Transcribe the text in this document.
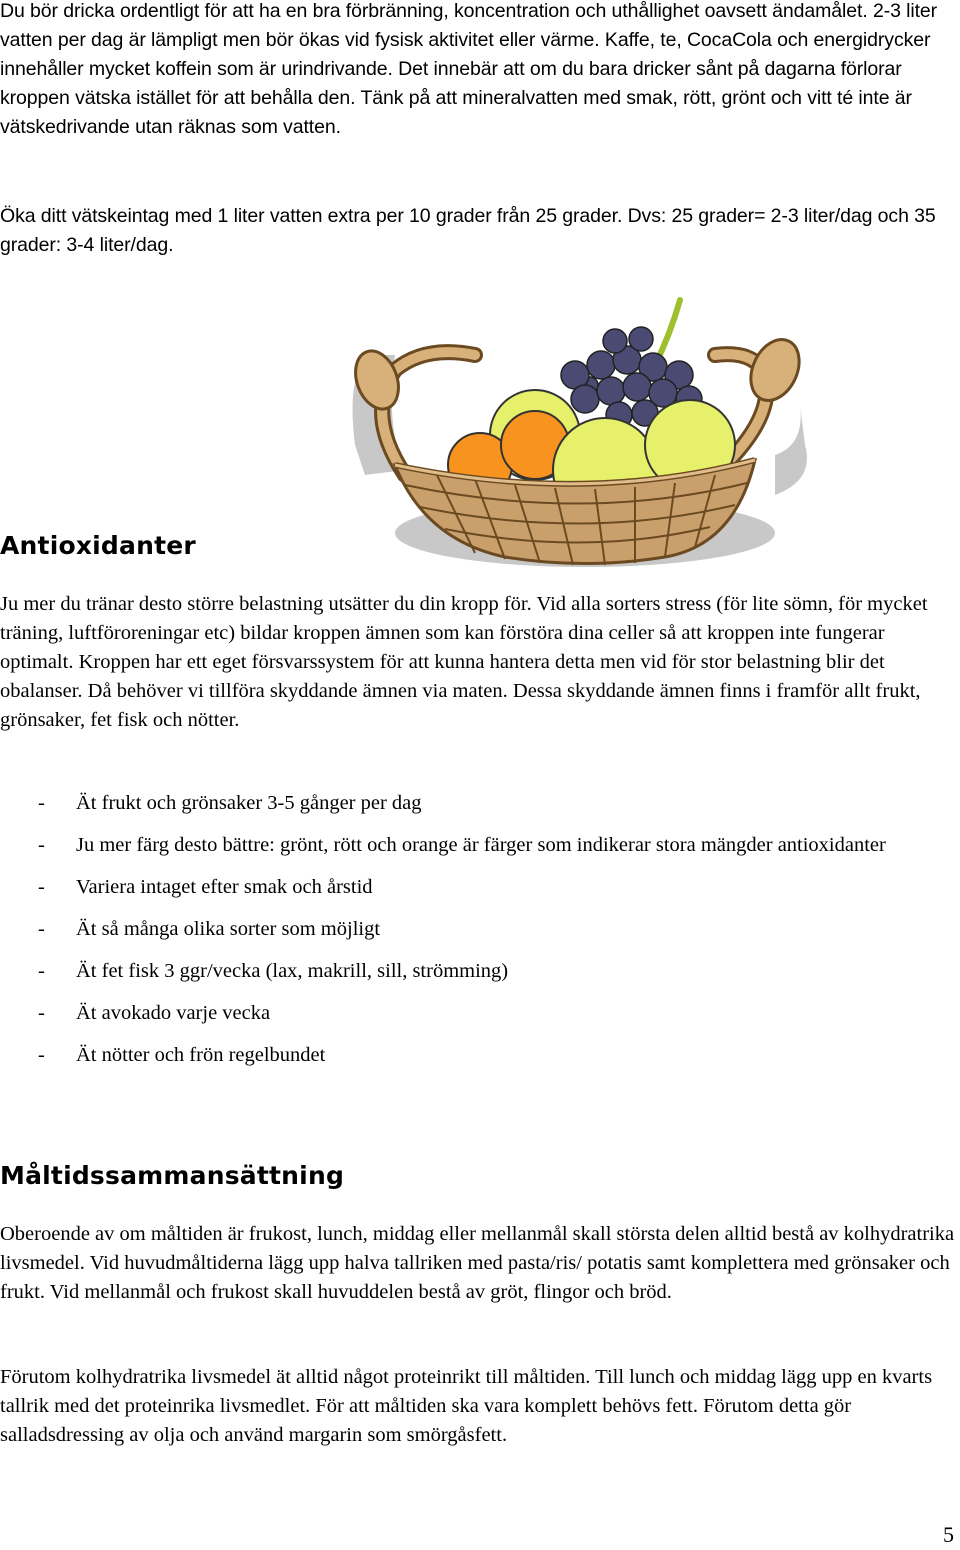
Du bör dricka ordentligt för att ha en bra förbränning, koncentration och uthållighet oavsett ändamålet. 2-3 liter vatten per dag är lämpligt men bör ökas vid fysisk aktivitet eller värme. Kaffe, te, CocaCola och energidrycker innehåller mycket koffein som är urindrivande. Det innebär att om du bara dricker sånt på dagarna förlorar kroppen vätska istället för att behålla den. Tänk på att mineralvatten med smak, rött, grönt och vitt té inte är vätskedrivande utan räknas som vatten.

Öka ditt vätskeintag med 1 liter vatten extra per 10 grader från 25 grader. Dvs: 25 grader= 2-3 liter/dag och 35 grader: 3-4 liter/dag.

Antioxidanter

Ju mer du tränar desto större belastning utsätter du din kropp för. Vid alla sorters stress (för lite sömn, för mycket träning, luftföroreningar etc) bildar kroppen ämnen som kan förstöra dina celler så att kroppen inte fungerar optimalt. Kroppen har ett eget försvarssystem för att kunna hantera detta men vid för stor belastning blir det obalanser. Då behöver vi tillföra skyddande ämnen via maten. Dessa skyddande ämnen finns i framför allt frukt, grönsaker, fet fisk och nötter.

- Ät frukt och grönsaker 3-5 gånger per dag
- Ju mer färg desto bättre: grönt, rött och orange är färger som indikerar stora mängder antioxidanter
- Variera intaget efter smak och årstid
- Ät så många olika sorter som möjligt
- Ät fet fisk 3 ggr/vecka (lax, makrill, sill, strömming)
- Ät avokado varje vecka
- Ät nötter och frön regelbundet
Måltidssammansättning

Oberoende av om måltiden är frukost, lunch, middag eller mellanmål skall största delen alltid bestå av kolhydratrika livsmedel. Vid huvudmåltiderna lägg upp halva tallriken med pasta/ris/ potatis samt komplettera med grönsaker och frukt. Vid mellanmål och frukost skall huvuddelen bestå av gröt, flingor och bröd.

Förutom kolhydratrika livsmedel ät alltid något proteinrikt till måltiden. Till lunch och middag lägg upp en kvarts tallrik med det proteinrika livsmedlet. För att måltiden ska vara komplett behövs fett. Förutom detta gör salladsdressing av olja och använd margarin som smörgåsfett.

5
